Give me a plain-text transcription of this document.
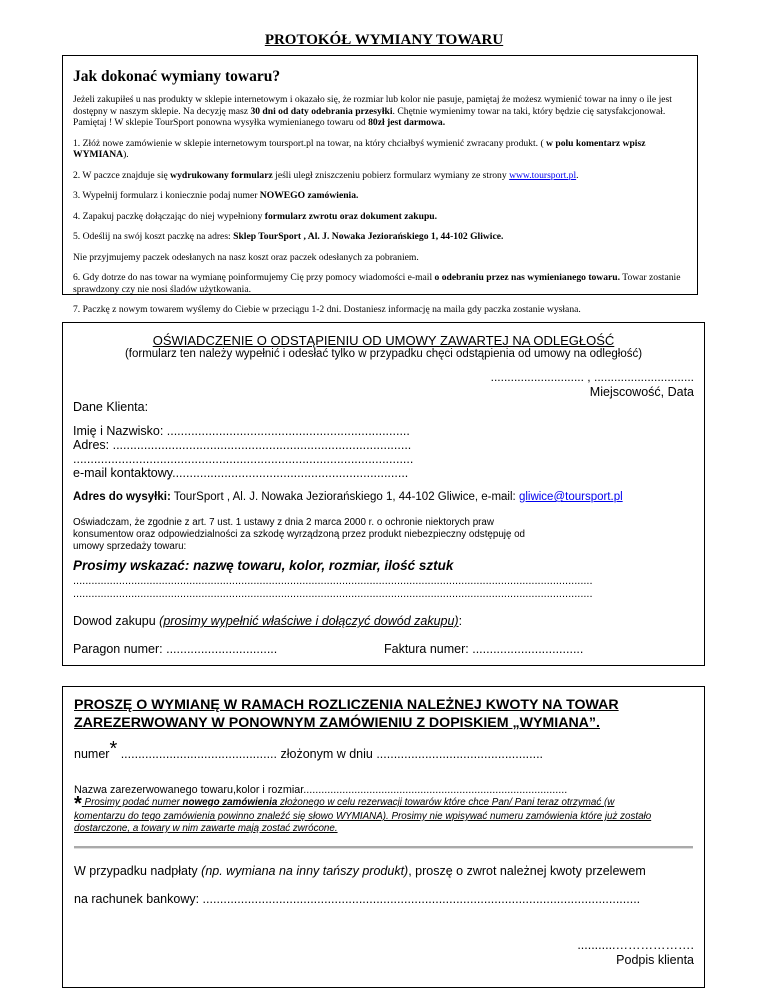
PROTOKÓŁ WYMIANY TOWARU
Jak dokonać wymiany towaru?

Jeżeli zakupiłeś u nas produkty w sklepie internetowym i okazało się, że rozmiar lub kolor nie pasuje, pamiętaj że możesz wymienić towar na inny o ile jest dostępny w naszym sklepie. Na decyzję masz 30 dni od daty odebrania przesyłki. Chętnie wymienimy towar na taki, który będzie cię satysfakcjonował. Pamiętaj ! W sklepie TourSport ponowna wysyłka wymienianego towaru od 80zł jest darmowa.

1. Złóż nowe zamówienie w sklepie internetowym toursport.pl na towar, na który chciałbyś wymienić zwracany produkt. ( w polu komentarz wpisz WYMIANA).

2. W paczce znajduje się wydrukowany formularz jeśli uległ zniszczeniu pobierz formularz wymiany ze strony www.toursport.pl.

3. Wypełnij formularz i koniecznie podaj numer NOWEGO zamówienia.

4. Zapakuj paczkę dołączając do niej wypełniony formularz zwrotu oraz dokument zakupu.

5. Odeślij na swój koszt paczkę na adres: Sklep TourSport , Al. J. Nowaka Jeziorańskiego 1, 44-102 Gliwice.

Nie przyjmujemy paczek odesłanych na nasz koszt oraz paczek odesłanych za pobraniem.

6. Gdy dotrze do nas towar na wymianę poinformujemy Cię przy pomocy wiadomości e-mail o odebraniu przez nas wymienianego towaru. Towar zostanie sprawdzony czy nie nosi śladów użytkowania.

7. Paczkę z nowym towarem wyślemy do Ciebie w przeciągu 1-2 dni. Dostaniesz informację na maila gdy paczka zostanie wysłana.

OŚWIADCZENIE O ODSTĄPIENIU OD UMOWY ZAWARTEJ NA ODLEGŁOŚĆ
(formularz ten należy wypełnić i odesłać tylko w przypadku chęci odstąpienia od umowy na odległość)
............................ , ..............................
Miejscowość, Data
Dane Klienta:
Imię i Nazwisko: ......................................................................
Adres: ......................................................................................
..................................................................................................
e-mail kontaktowy....................................................................
Adres do wysyłki: TourSport , Al. J. Nowaka Jeziorańskiego 1, 44-102 Gliwice, e-mail: gliwice@toursport.pl
Oświadczam, że zgodnie z art. 7 ust. 1 ustawy z dnia 2 marca 2000 r. o ochronie niektorych praw
konsumentow oraz odpowiedzialności za szkodę wyrządzoną przez produkt niebezpieczny odstępuję od
umowy sprzedaży towaru:
Prosimy wskazać: nazwę towaru, kolor, rozmiar, ilość sztuk
..........................................................................................................................................................................
..........................................................................................................................................................................
Dowod zakupu (prosimy wypełnić właściwe i dołączyć dowód zakupu):
Paragon numer: ................................	Faktura numer: ................................
PROSZĘ O WYMIANĘ W RAMACH ROZLICZENIA NALEŻNEJ KWOTY NA TOWAR
ZAREZERWOWANY W PONOWNYM ZAMÓWIENIU Z DOPISKIEM „WYMIANA”.
numer* ............................................. złożonym w dniu ................................................
Nazwa zarezerwowanego towaru,kolor i rozmiar........................................................................................
* Prosimy podać numer nowego zamówienia złożonego w celu rezerwacji towarów które chce Pan/ Pani teraz otrzymać (w
komentarzu do tego zamówienia powinno znaleźć się słowo WYMIANA). Prosimy nie wpisywać numeru zamówienia które już zostało
dostarczone, a towary w nim zawarte mają zostać zwrócone.
W przypadku nadpłaty (np. wymiana na inny tańszy produkt), proszę o zwrot należnej kwoty przelewem
na rachunek bankowy: ..............................................................................................................................
...........……………….
Podpis klienta
